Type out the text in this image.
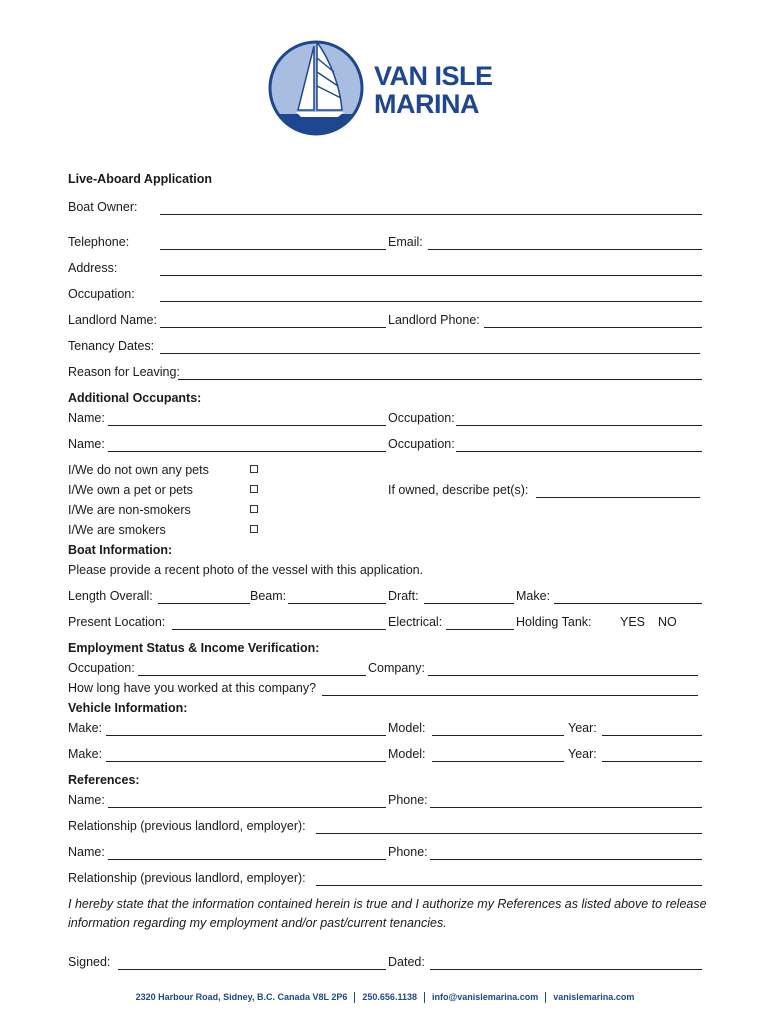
VAN ISLE
MARINA
Live-Aboard Application
Boat Owner:
Telephone:	Email:
Address:
Occupation:
Landlord Name:	Landlord Phone:
Tenancy Dates:
Reason for Leaving:
Additional Occupants:
Name:	Occupation:
Name:	Occupation:
I/We do not own any pets
I/We own a pet or pets	If owned, describe pet(s):
I/We are non-smokers
I/We are smokers
Boat Information:
Please provide a recent photo of the vessel with this application.
Length Overall:	Beam:	Draft:	Make:
Present Location:	Electrical:	Holding Tank: YES NO
Employment Status & Income Verification:
Occupation:	Company:
How long have you worked at this company?
Vehicle Information:
Make:	Model:	Year:
Make:	Model:	Year:
References:
Name:	Phone:
Relationship (previous landlord, employer):
Name:	Phone:
Relationship (previous landlord, employer):
Signed:	Dated:
I hereby state that the information contained herein is true and I authorize my References as listed above to release information regarding my employment and/or past/current tenancies.
2320 Harbour Road, Sidney, B.C. Canada V8L 2P6 250.656.1138 info@vanislemarina.com vanislemarina.com
